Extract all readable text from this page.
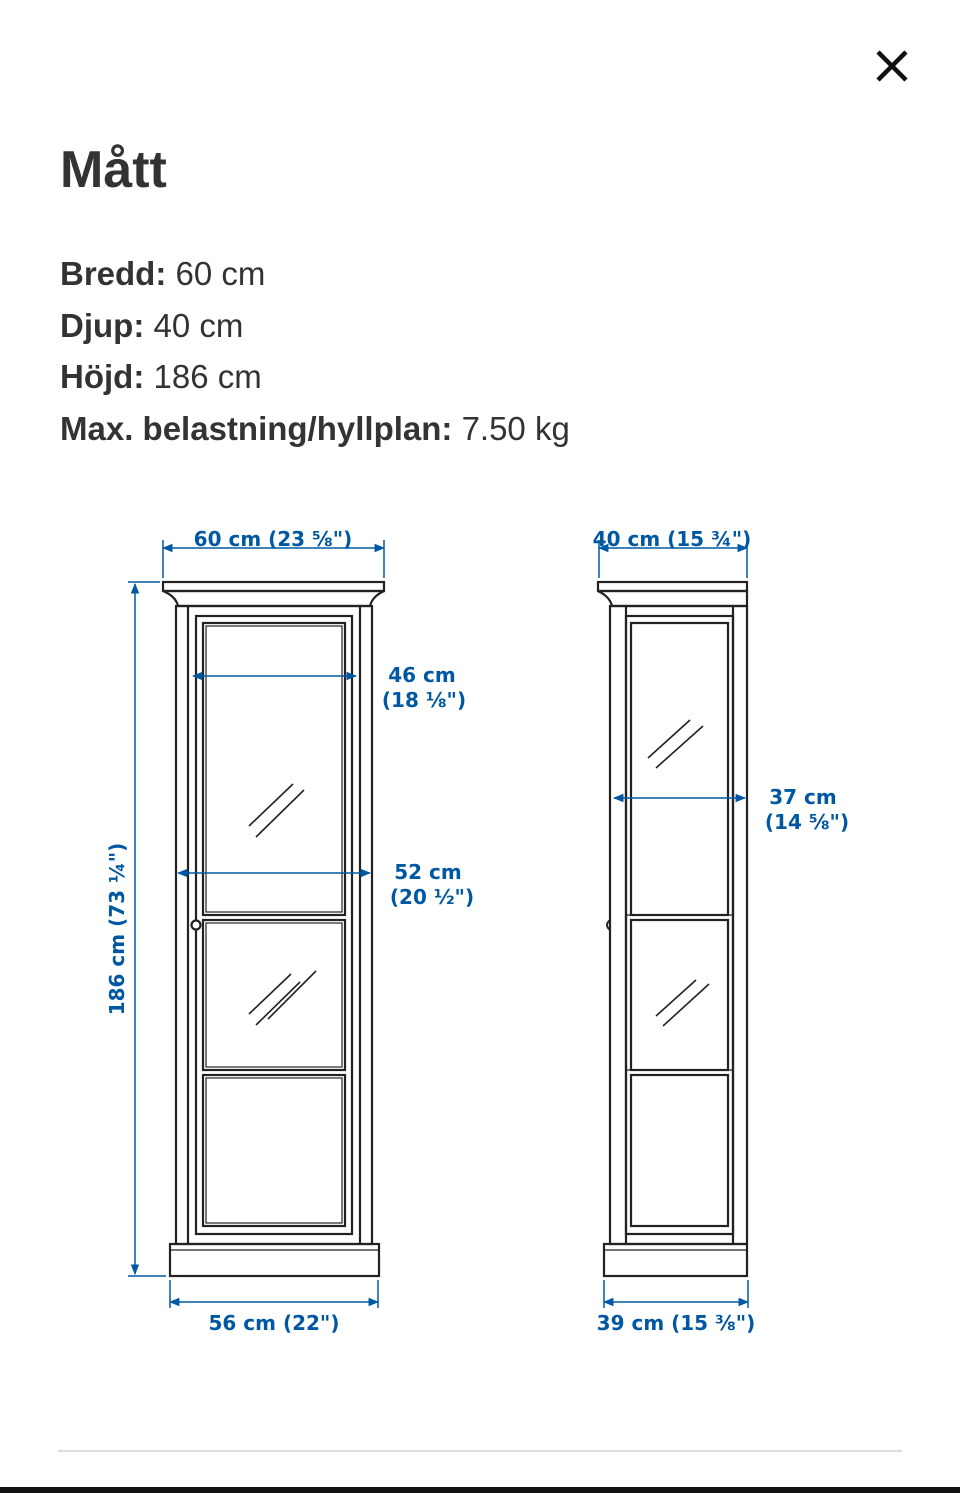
Mått
Bredd: 60 cm
Djup: 40 cm
Höjd: 186 cm
Max. belastning/hyllplan: 7.50 kg
60 cm (23 ⅝")
46 cm
(18 ⅛")
52 cm
(20 ½")
186 cm (73 ¼")
56 cm (22")
40 cm (15 ¾")
37 cm
(14 ⅝")
39 cm (15 ⅜")
